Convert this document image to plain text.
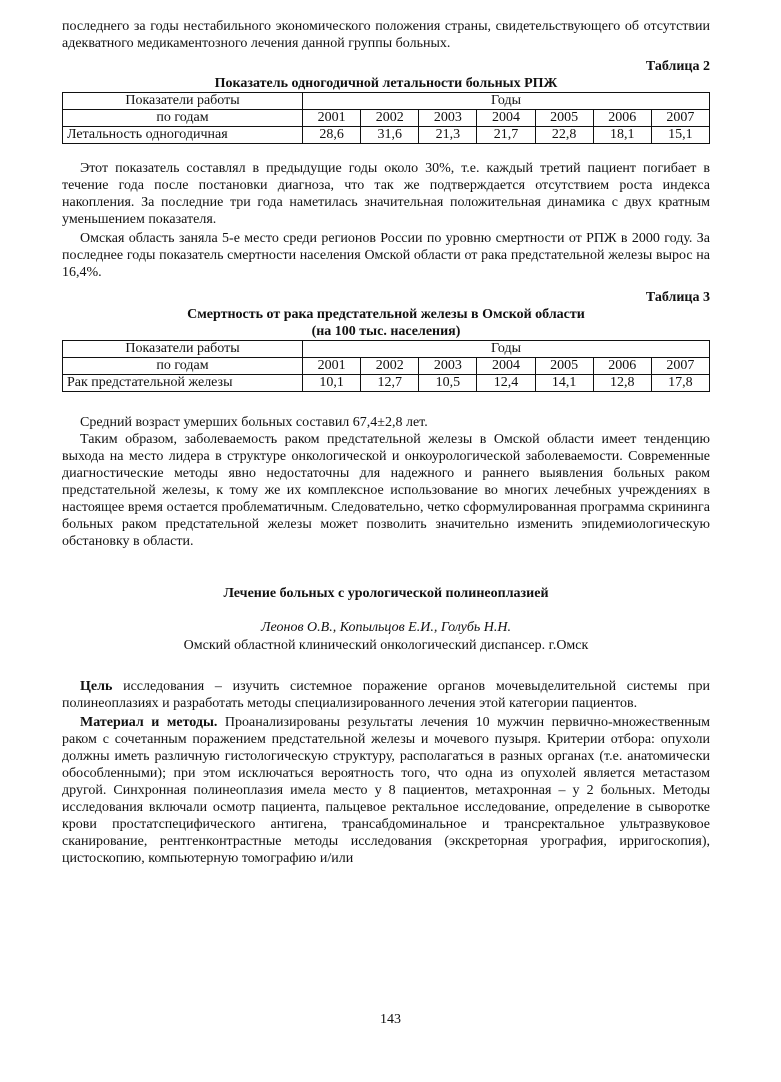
последнего за годы нестабильного экономического положения страны, свидетельствующего об отсутствии адекватного медикаментозного лечения данной группы больных.

Таблица 2
Показатель одногодичной летальности больных РПЖ
Показатели работы	Годы						
по годам	2001	2002	2003	2004	2005	2006	2007
Летальность одногодичная	28,6	31,6	21,3	21,7	22,8	18,1	15,1

Этот показатель составлял в предыдущие годы около 30%, т.е. каждый третий пациент погибает в течение года после постановки диагноза, что так же подтверждается отсутствием роста индекса накопления. За последние три года наметилась значительная положительная динамика с двух кратным уменьшением показателя.

Омская область заняла 5-е место среди регионов России по уровню смертности от РПЖ в 2000 году. За последнее годы показатель смертности населения Омской области от рака предстательной железы вырос на 16,4%.

Таблица 3
Смертность от рака предстательной железы в Омской области
(на 100 тыс. населения)
Показатели работы	Годы						
по годам	2001	2002	2003	2004	2005	2006	2007
Рак предстательной железы	10,1	12,7	10,5	12,4	14,1	12,8	17,8

Средний возраст умерших больных составил 67,4±2,8 лет.

Таким образом, заболеваемость раком предстательной железы в Омской области имеет тенденцию выхода на место лидера в структуре онкологической и онкоурологической заболеваемости. Современные диагностические методы явно недостаточны для надежного и раннего выявления больных раком предстательной железы, к тому же их комплексное использование во многих лечебных учреждениях в настоящее время остается проблематичным. Следовательно, четко сформулированная программа скрининга больных раком предстательной железы может позволить значительно изменить эпидемиологическую обстановку в области.

Лечение больных с урологической полинеоплазией
Леонов О.В., Копыльцов Е.И., Голубь Н.Н.
Омский областной клинический онкологический диспансер. г.Омск

Цель исследования – изучить системное поражение органов мочевыделительной системы при полинеоплазиях и разработать методы специализированного лечения этой категории пациентов.

Материал и методы. Проанализированы результаты лечения 10 мужчин первично-множественным раком с сочетанным поражением предстательной железы и мочевого пузыря. Критерии отбора: опухоли должны иметь различную гистологическую структуру, располагаться в разных органах (т.е. анатомически обособленными); при этом исключаться вероятность того, что одна из опухолей является метастазом другой. Синхронная полинеоплазия имела место у 8 пациентов, метахронная – у 2 больных. Методы исследования включали осмотр пациента, пальцевое ректальное исследование, определение в сыворотке крови простатспецифического антигена, трансабдоминальное и трансректальное ультразвуковое сканирование, рентгенконтрастные методы исследования (экскреторная урография, ирригоскопия), цистоскопию, компьютерную томографию и/или

143
